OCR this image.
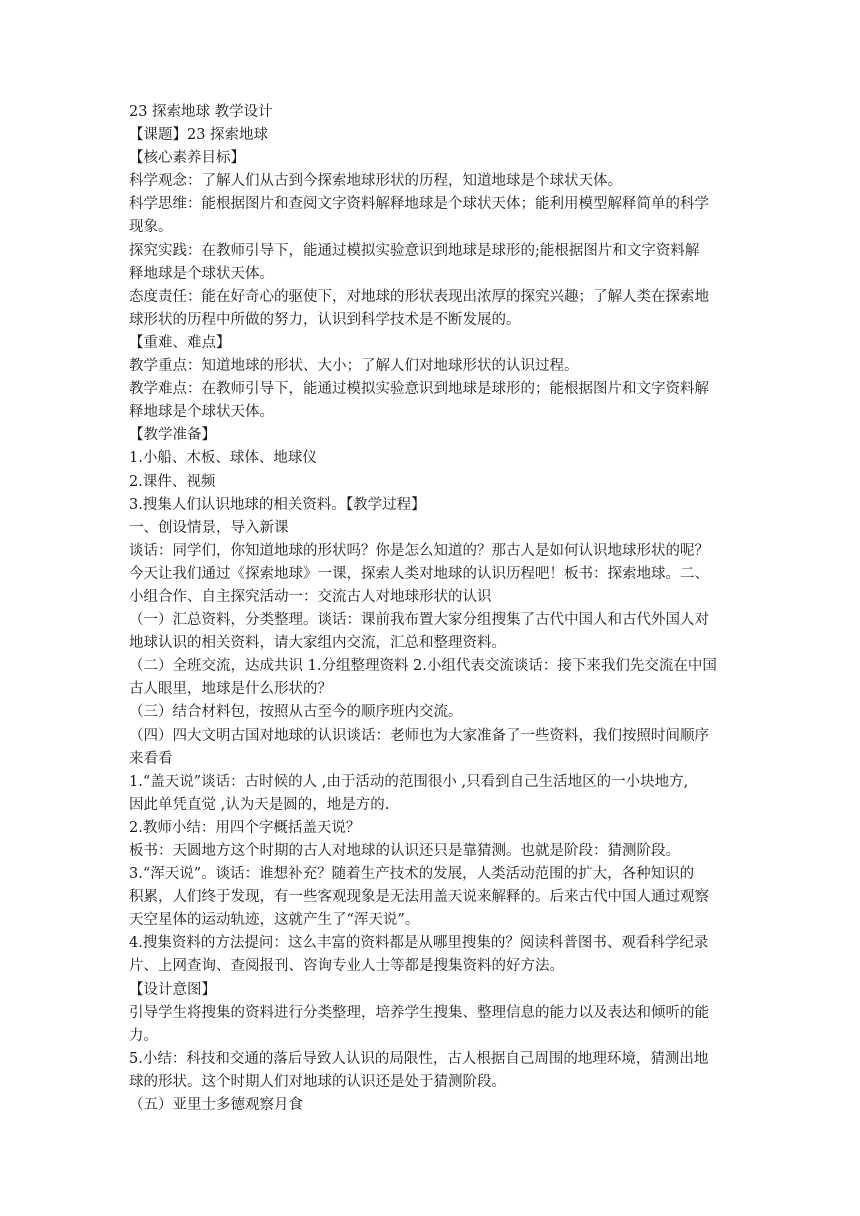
23 探索地球 教学设计

【课题】23 探索地球

【核心素养目标】

科学观念：了解人们从古到今探索地球形状的历程，知道地球是个球状天体。

科学思维：能根据图片和查阅文字资料解释地球是个球状天体；能利用模型解释简单的科学

现象。

探究实践：在教师引导下，能通过模拟实验意识到地球是球形的;能根据图片和文字资料解

释地球是个球状天体。

态度责任：能在好奇心的驱使下，对地球的形状表现出浓厚的探究兴趣；了解人类在探索地

球形状的历程中所做的努力，认识到科学技术是不断发展的。

【重难、难点】

教学重点：知道地球的形状、大小；了解人们对地球形状的认识过程。

教学难点：在教师引导下，能通过模拟实验意识到地球是球形的；能根据图片和文字资料解

释地球是个球状天体。

【教学准备】

1.小船、木板、球体、地球仪

2.课件、视频

3.搜集人们认识地球的相关资料。【教学过程】

一、创设情景，导入新课

谈话：同学们，你知道地球的形状吗？你是怎么知道的？那古人是如何认识地球形状的呢？

今天让我们通过《探索地球》一课，探索人类对地球的认识历程吧！板书：探索地球。二、

小组合作、自主探究活动一：交流古人对地球形状的认识

（一）汇总资料，分类整理。谈话：课前我布置大家分组搜集了古代中国人和古代外国人对

地球认识的相关资料，请大家组内交流，汇总和整理资料。

（二）全班交流，达成共识 1.分组整理资料 2.小组代表交流谈话：接下来我们先交流在中国

古人眼里，地球是什么形状的？

（三）结合材料包，按照从古至今的顺序班内交流。

（四）四大文明古国对地球的认识谈话：老师也为大家准备了一些资料，我们按照时间顺序

来看看

1.“盖天说”谈话：古时候的人 ,由于活动的范围很小 ,只看到自己生活地区的一小块地方,

因此单凭直觉 ,认为天是圆的，地是方的.

2.教师小结：用四个字概括盖天说？

板书：天圆地方这个时期的古人对地球的认识还只是靠猜测。也就是阶段：猜测阶段。

3.“浑天说”。谈话：谁想补充？随着生产技术的发展，人类活动范围的扩大，各种知识的

积累，人们终于发现，有一些客观现象是无法用盖天说来解释的。后来古代中国人通过观察

天空星体的运动轨迹，这就产生了“浑天说”。

4.搜集资料的方法提问：这么丰富的资料都是从哪里搜集的？阅读科普图书、观看科学纪录

片、上网查询、查阅报刊、咨询专业人士等都是搜集资料的好方法。

【设计意图】

引导学生将搜集的资料进行分类整理，培养学生搜集、整理信息的能力以及表达和倾听的能

力。

5.小结：科技和交通的落后导致人认识的局限性，古人根据自己周围的地理环境，猜测出地

球的形状。这个时期人们对地球的认识还是处于猜测阶段。

（五）亚里士多德观察月食
